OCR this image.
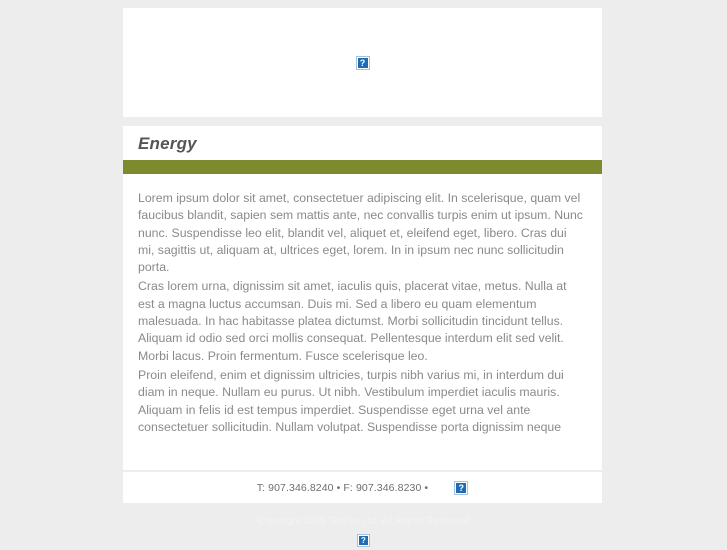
?
Energy

Lorem ipsum dolor sit amet, consectetuer adipiscing elit. In scelerisque, quam vel faucibus blandit, sapien sem mattis ante, nec convallis turpis enim ut ipsum. Nunc nunc. Suspendisse leo elit, blandit vel, aliquet et, eleifend eget, libero. Cras dui mi, sagittis ut, aliquam at, ultrices eget, lorem. In in ipsum nec nunc sollicitudin porta.

Cras lorem urna, dignissim sit amet, iaculis quis, placerat vitae, metus. Nulla at est a magna luctus accumsan. Duis mi. Sed a libero eu quam elementum malesuada. In hac habitasse platea dictumst. Morbi sollicitudin tincidunt tellus. Aliquam id odio sed orci mollis consequat. Pellentesque interdum elit sed velit. Morbi lacus. Proin fermentum. Fusce scelerisque leo.

Proin eleifend, enim et dignissim ultricies, turpis nibh varius mi, in interdum dui diam in neque. Nullam eu purus. Ut nibh. Vestibulum imperdiet iaculis mauris. Aliquam in felis id est tempus imperdiet. Suspendisse eget urna vel ante consectetuer sollicitudin. Nullam volutpat. Suspendisse porta dignissim neque

T: 907.346.8240 • F: 907.346.8230 •
?
Copyright 2006 TecPro Ltd. All Rights Reserved
?
